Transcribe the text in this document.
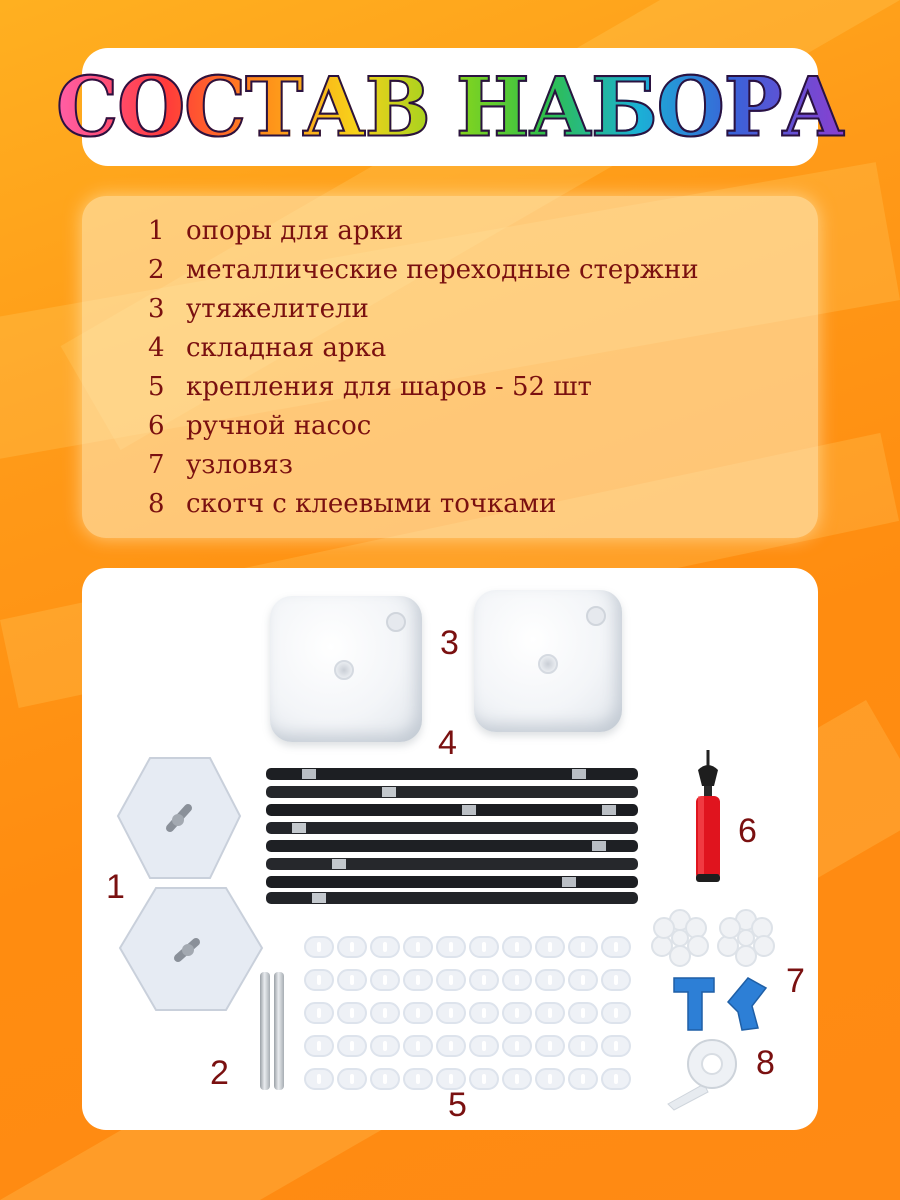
СОСТАВ НАБОРА
1 опоры для арки
2 металлические переходные стержни
3 утяжелители
4 складная арка
5 крепления для шаров - 52 шт
6 ручной насос
7 узловяз
8 скотч с клеевыми точками
3
4
1
2
5
6
7
8
